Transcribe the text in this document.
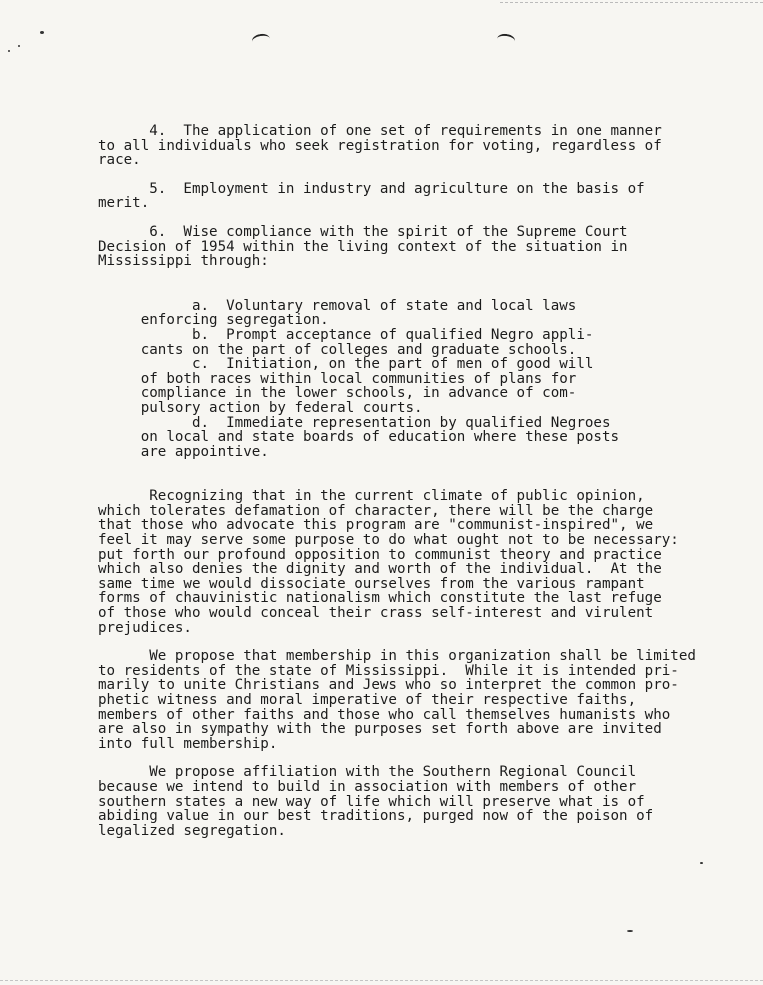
4.  The application of one set of requirements in one manner
to all individuals who seek registration for voting, regardless of
race.
5.  Employment in industry and agriculture on the basis of
merit.
6.  Wise compliance with the spirit of the Supreme Court
Decision of 1954 within the living context of the situation in
Mississippi through:
a.  Voluntary removal of state and local laws
enforcing segregation.
b.  Prompt acceptance of qualified Negro appli-
cants on the part of colleges and graduate schools.
c.  Initiation, on the part of men of good will
of both races within local communities of plans for
compliance in the lower schools, in advance of com-
pulsory action by federal courts.
d.  Immediate representation by qualified Negroes
on local and state boards of education where these posts
are appointive.
Recognizing that in the current climate of public opinion,
which tolerates defamation of character, there will be the charge
that those who advocate this program are "communist-inspired", we
feel it may serve some purpose to do what ought not to be necessary:
put forth our profound opposition to communist theory and practice
which also denies the dignity and worth of the individual.  At the
same time we would dissociate ourselves from the various rampant
forms of chauvinistic nationalism which constitute the last refuge
of those who would conceal their crass self-interest and virulent
prejudices.
We propose that membership in this organization shall be limited
to residents of the state of Mississippi.  While it is intended pri-
marily to unite Christians and Jews who so interpret the common pro-
phetic witness and moral imperative of their respective faiths,
members of other faiths and those who call themselves humanists who
are also in sympathy with the purposes set forth above are invited
into full membership.
We propose affiliation with the Southern Regional Council
because we intend to build in association with members of other
southern states a new way of life which will preserve what is of
abiding value in our best traditions, purged now of the poison of
legalized segregation.
